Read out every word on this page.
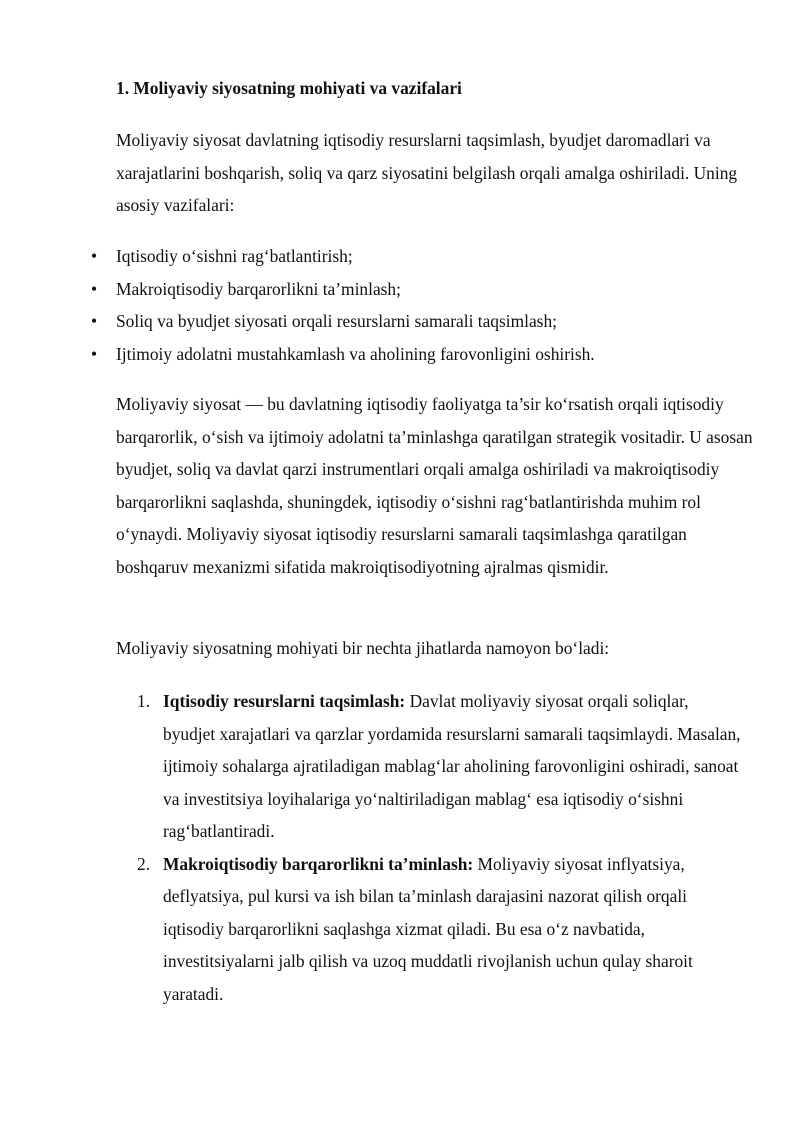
1. Moliyaviy siyosatning mohiyati va vazifalari

Moliyaviy siyosat davlatning iqtisodiy resurslarni taqsimlash, byudjet daromadlari va xarajatlarini boshqarish, soliq va qarz siyosatini belgilash orqali amalga oshiriladi. Uning asosiy vazifalari:

• Iqtisodiy o‘sishni rag‘batlantirish;
• Makroiqtisodiy barqarorlikni ta’minlash;
• Soliq va byudjet siyosati orqali resurslarni samarali taqsimlash;
• Ijtimoiy adolatni mustahkamlash va aholining farovonligini oshirish.

Moliyaviy siyosat — bu davlatning iqtisodiy faoliyatga ta’sir ko‘rsatish orqali iqtisodiy barqarorlik, o‘sish va ijtimoiy adolatni ta’minlashga qaratilgan strategik vositadir. U asosan byudjet, soliq va davlat qarzi instrumentlari orqali amalga oshiriladi va makroiqtisodiy barqarorlikni saqlashda, shuningdek, iqtisodiy o‘sishni rag‘batlantirishda muhim rol o‘ynaydi. Moliyaviy siyosat iqtisodiy resurslarni samarali taqsimlashga qaratilgan boshqaruv mexanizmi sifatida makroiqtisodiyotning ajralmas qismidir.

Moliyaviy siyosatning mohiyati bir nechta jihatlarda namoyon bo‘ladi:

1. Iqtisodiy resurslarni taqsimlash: Davlat moliyaviy siyosat orqali soliqlar, byudjet xarajatlari va qarzlar yordamida resurslarni samarali taqsimlaydi. Masalan, ijtimoiy sohalarga ajratiladigan mablag‘lar aholining farovonligini oshiradi, sanoat va investitsiya loyihalariga yo‘naltiriladigan mablag‘ esa iqtisodiy o‘sishni rag‘batlantiradi.
2. Makroiqtisodiy barqarorlikni ta’minlash: Moliyaviy siyosat inflyatsiya, deflyatsiya, pul kursi va ish bilan ta’minlash darajasini nazorat qilish orqali iqtisodiy barqarorlikni saqlashga xizmat qiladi. Bu esa o‘z navbatida, investitsiyalarni jalb qilish va uzoq muddatli rivojlanish uchun qulay sharoit yaratadi.
